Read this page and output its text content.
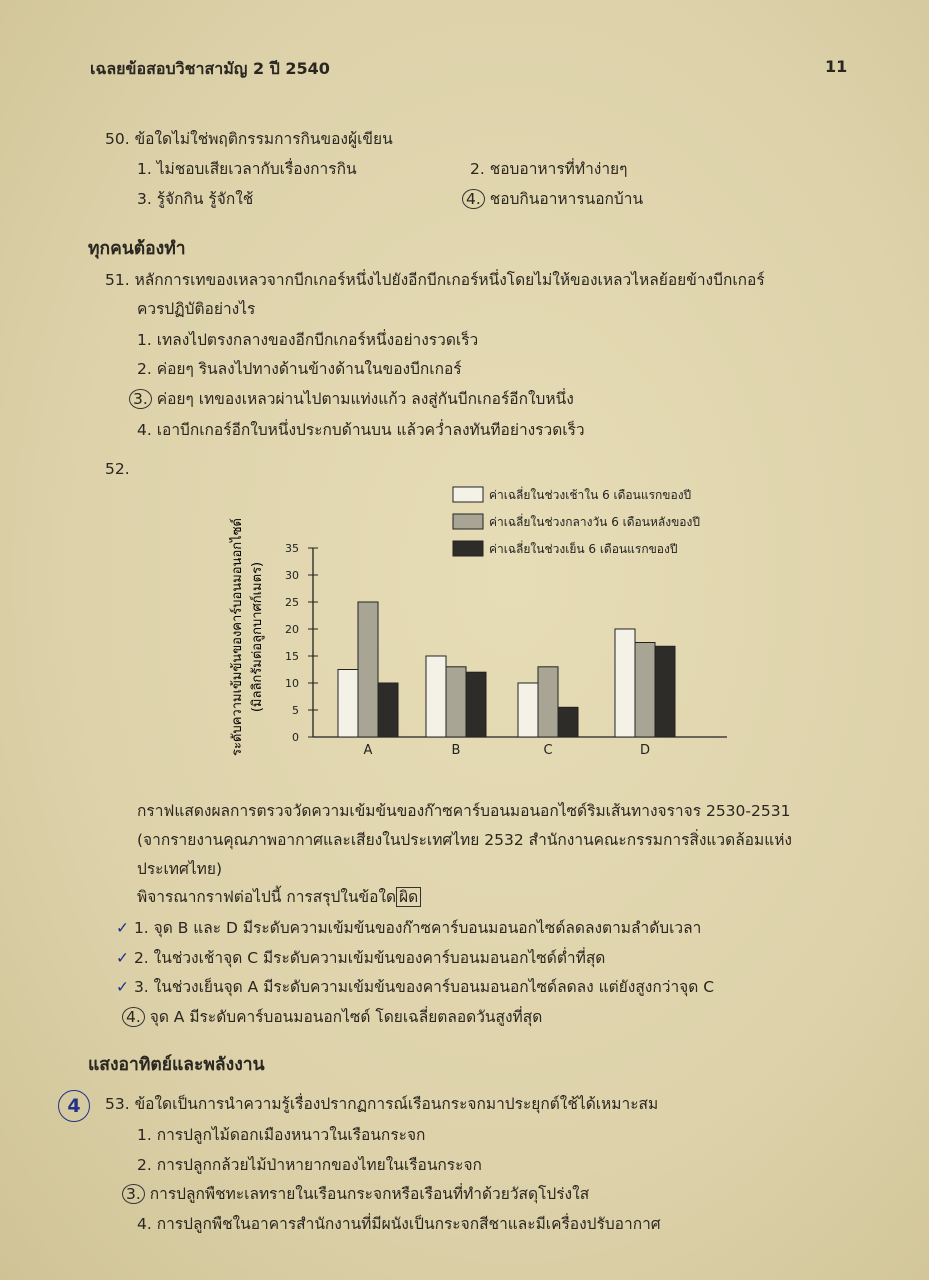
เฉลยข้อสอบวิชาสามัญ 2 ปี 2540	11
50. ข้อใดไม่ใช่พฤติกรรมการกินของผู้เขียน
1. ไม่ชอบเสียเวลากับเรื่องการกิน	2. ชอบอาหารที่ทำง่ายๆ
3. รู้จักกิน รู้จักใช้	4. ชอบกินอาหารนอกบ้าน
ทุกคนต้องทำ
51. หลักการเทของเหลวจากบีกเกอร์หนึ่งไปยังอีกบีกเกอร์หนึ่งโดยไม่ให้ของเหลวไหลย้อยข้างบีกเกอร์
ควรปฏิบัติอย่างไร
1. เทลงไปตรงกลางของอีกบีกเกอร์หนึ่งอย่างรวดเร็ว
2. ค่อยๆ รินลงไปทางด้านข้างด้านในของบีกเกอร์
3. ค่อยๆ เทของเหลวผ่านไปตามแท่งแก้ว ลงสู่กันบีกเกอร์อีกใบหนึ่ง
4. เอาบีกเกอร์อีกใบหนึ่งประกบด้านบน แล้วคว่ำลงทันทีอย่างรวดเร็ว
52.
ค่าเฉลี่ยในช่วงเช้าใน 6 เดือนแรกของปี
ค่าเฉลี่ยในช่วงกลางวัน 6 เดือนหลังของปี
ค่าเฉลี่ยในช่วงเย็น 6 เดือนแรกของปี
ระดับความเข้มข้นของคาร์บอนมอนอกไซด์ (มิลลิกรัมต่อลูกบาศก์เมตร)
0
5
10
15
20
25
30
35
A	B	C	D
กราฟแสดงผลการตรวจวัดความเข้มข้นของก๊าซคาร์บอนมอนอกไซด์ริมเส้นทางจราจร 2530-2531
(จากรายงานคุณภาพอากาศและเสียงในประเทศไทย 2532 สำนักงานคณะกรรมการสิ่งแวดล้อมแห่ง
ประเทศไทย)
พิจารณากราฟต่อไปนี้ การสรุปในข้อใด ผิด
✓ 1. จุด B และ D มีระดับความเข้มข้นของก๊าซคาร์บอนมอนอกไซด์ลดลงตามลำดับเวลา
✓ 2. ในช่วงเช้าจุด C มีระดับความเข้มข้นของคาร์บอนมอนอกไซด์ต่ำที่สุด
✓ 3. ในช่วงเย็นจุด A มีระดับความเข้มข้นของคาร์บอนมอนอกไซด์ลดลง แต่ยังสูงกว่าจุด C
4. จุด A มีระดับคาร์บอนมอนอกไซด์ โดยเฉลี่ยตลอดวันสูงที่สุด
แสงอาทิตย์และพลังงาน
4	53. ข้อใดเป็นการนำความรู้เรื่องปรากฏการณ์เรือนกระจกมาประยุกต์ใช้ได้เหมาะสม
1. การปลูกไม้ดอกเมืองหนาวในเรือนกระจก
2. การปลูกกล้วยไม้ป่าหายากของไทยในเรือนกระจก
3. การปลูกพืชทะเลทรายในเรือนกระจกหรือเรือนที่ทำด้วยวัสดุโปร่งใส
4. การปลูกพืชในอาคารสำนักงานที่มีผนังเป็นกระจกสีชาและมีเครื่องปรับอากาศ
